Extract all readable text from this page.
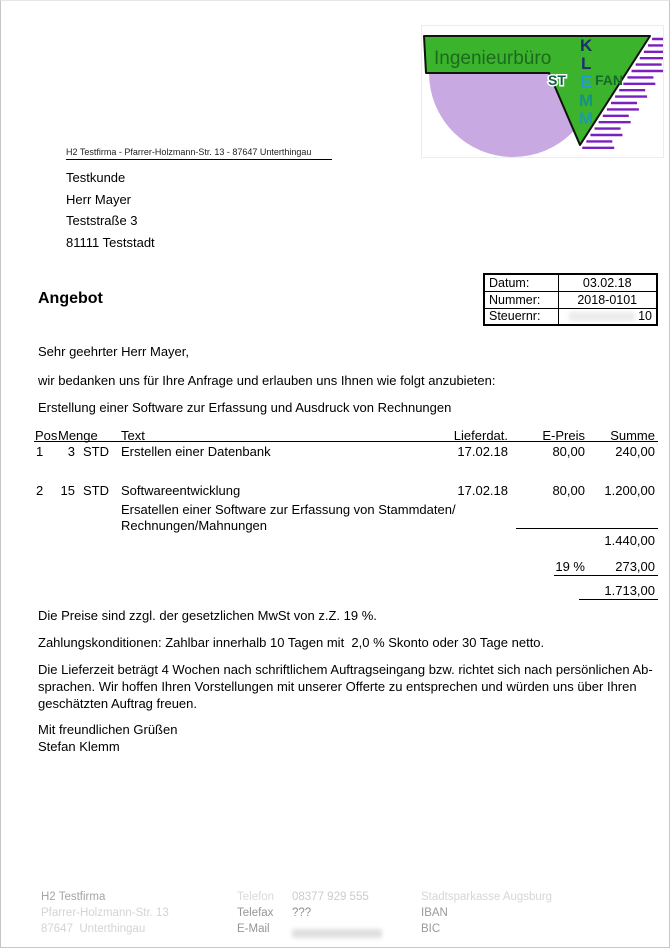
Ingenieurbüro
K
L
E
M
M
ST FAN
H2 Testfirma - Pfarrer-Holzmann-Str. 13 - 87647 Unterthingau
Testkunde
Herr Mayer
Teststraße 3
81111 Teststadt
Datum:	03.02.18
Nummer:	2018-0101
Steuernr:	10
Angebot
Sehr geehrter Herr Mayer,
wir bedanken uns für Ihre Anfrage und erlauben uns Ihnen wie folgt anzubieten:
Erstellung einer Software zur Erfassung und Ausdruck von Rechnungen
Pos Menge Text	Lieferdat.	E-Preis	Summe
1	3 STD Erstellen einer Datenbank	17.02.18	80,00	240,00
2	15 STD Softwareentwicklung	17.02.18	80,00	1.200,00
Ersatellen einer Software zur Erfassung von Stammdaten/
Rechnungen/Mahnungen
1.440,00
19 %	273,00
1.713,00
Die Preise sind zzgl. der gesetzlichen MwSt von z.Z. 19 %.
Zahlungskonditionen: Zahlbar innerhalb 10 Tagen mit  2,0 % Skonto oder 30 Tage netto.
Die Lieferzeit beträgt 4 Wochen nach schriftlichem Auftragseingang bzw. richtet sich nach persönlichen Ab-
sprachen. Wir hoffen Ihren Vorstellungen mit unserer Offerte zu entsprechen und würden uns über Ihren
geschätzten Auftrag freuen.
Mit freundlichen Grüßen
Stefan Klemm
H2 Testfirma
Pfarrer-Holzmann-Str. 13
87647  Unterthingau
Telefon 08377 929 555
Telefax ???
E-Mail
Stadtsparkasse Augsburg
IBAN
BIC
